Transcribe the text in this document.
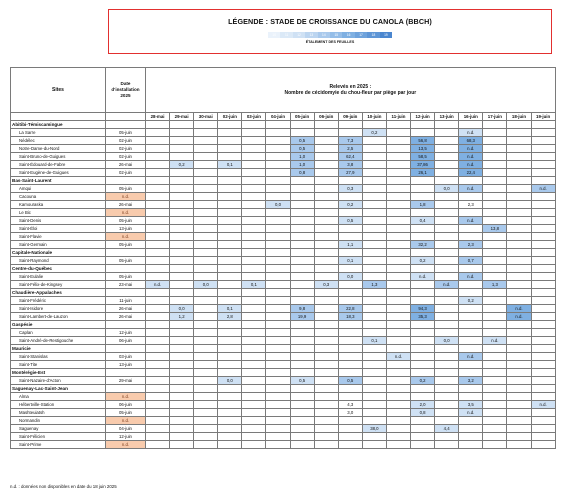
LÉGENDE : STADE DE CROISSANCE DU CANOLA (BBCH)
10	11	12	13	14	15	16	17	18	19
ÉTALEMENT DES FEUILLES
Sites	Date d'installation 2025	Relevés en 2025 :
Nombre de cécidomyie du chou-fleur par piège par jour																
		28-mai	29-mai	30-mai	02-juin	03-juin	04-juin	05-juin	06-juin	09-juin	10-juin	11-juin	12-juin	13-juin	16-juin	17-juin	18-juin	19-juin
Abitibi-Témiscamingue																		
La Sarre	05-juin										0,2				n.d.			
Nédélec	02-juin							0,5		7,3			56,8		68,3			
Notre-Dame-du-Nord	02-juin							0,5		2,5			13,5		n.d.			
Saint-Bruno-de-Guigues	02-juin							1,0		62,4			58,5		n.d.			
Saint-Édouard-de-Fabre	26-mai		0,2		0,1			1,0		3,8			37,86		n.d.			
Saint-Eugène-de-Guigues	02-juin							0,8		27,9			26,1		22,4			
Bas-Saint-Laurent																		
Amqui	05-juin									0,3				0,0	n.d.			n.d.
Cacouna	n.d.																	
Kamouraska	26-mai						0,0			0,2			1,8		2,3			
Le Bic	n.d.																	
Saint-Denis	05-juin									0,5			0,4		n.d.			
Saint-Éloi	13-juin															13,8		
Saint-Flavie	n.d.																	
Saint-Germain	05-juin									1,1			32,2		2,3			
Capitale-Nationale																		
Saint-Raymond	05-juin									0,1			0,2		0,7			
Centre-du-Québec																		
Saint-Eulalie	05-juin									0,0			n.d.		n.d.			
Saint-Félix-de-Kingsey	23-mai	n.d.		0,0		0,1			0,3		1,3			n.d.		1,3		
Chaudière-Appalaches																		
Saint-Frédéric	11-juin														0,2			
Saint-Isidore	26-mai		0,0		0,1			9,8		22,8			94,3				n.d.	
Saint-Lambert-de-Lauzon	26-mai		1,2		2,8			19,9		18,3			35,3				n.d.	
Gaspésie																		
Caplan	12-juin																	
Saint-André-de-Restigouche	06-juin										0,1			0,0		n.d.		
Mauricie																		
Saint-Stanislas	03-juin											n.d.			n.d.			
Saint-Tite	13-juin																	
Montérégie-Est																		
Saint-Nazaire-d'Acton	29-mai				0,0			0,5		0,5			0,2		3,2			
Saguenay-Lac-Saint-Jean																		
Alma	n.d.																	
Hébertville-Station	06-juin									4,3			2,0		3,5			n.d.
Mashteuiatsh	05-juin									3,0			0,8		n.d.			
Normandin	n.d.																	
Saguenay	04-juin										38,0			4,4				
Saint-Félicien	12-juin																	
Saint-Prime	n.d.																	
n.d. : données non disponibles en date du 18 juin 2025
